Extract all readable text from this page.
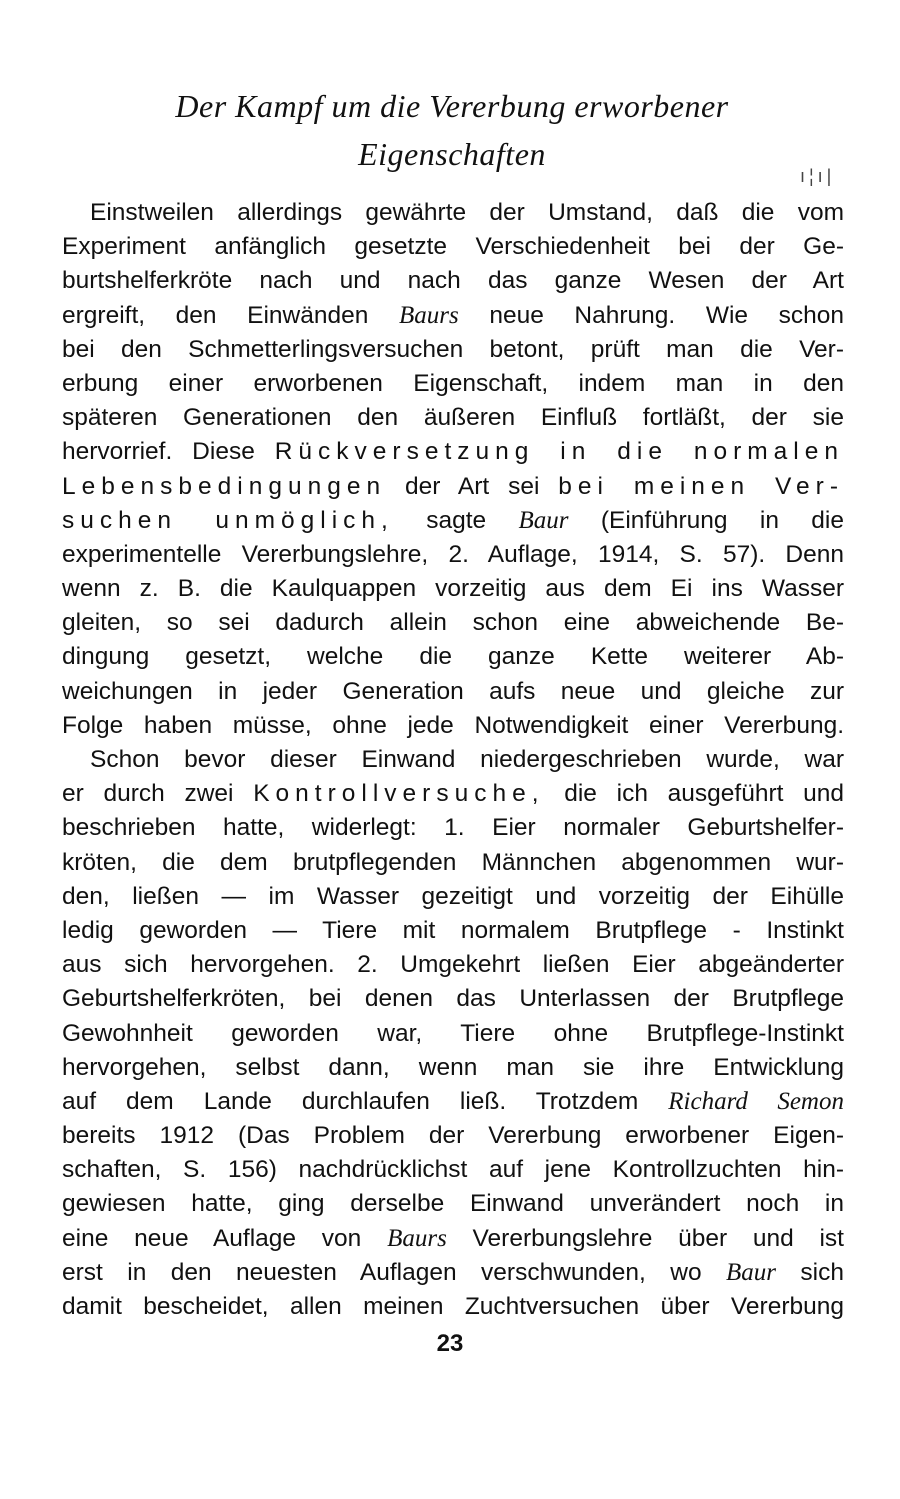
Der Kampf um die Vererbung erworbener
Eigenschaften
ı¦ı|
Einstweilen allerdings gewährte der Umstand, daß die vom
Experiment anfänglich gesetzte Verschiedenheit bei der Ge-
burtshelferkröte nach und nach das ganze Wesen der Art
ergreift, den Einwänden Baurs neue Nahrung. Wie schon
bei den Schmetterlingsversuchen betont, prüft man die Ver-
erbung einer erworbenen Eigenschaft, indem man in den
späteren Generationen den äußeren Einfluß fortläßt, der sie
hervorrief. Diese Rückversetzung in die normalen
Lebensbedingungen der Art sei bei meinen Ver-
suchen unmöglich, sagte Baur (Einführung in die
experimentelle Vererbungslehre, 2. Auflage, 1914, S. 57). Denn
wenn z. B. die Kaulquappen vorzeitig aus dem Ei ins Wasser
gleiten, so sei dadurch allein schon eine abweichende Be-
dingung gesetzt, welche die ganze Kette weiterer Ab-
weichungen in jeder Generation aufs neue und gleiche zur
Folge haben müsse, ohne jede Notwendigkeit einer Vererbung.
Schon bevor dieser Einwand niedergeschrieben wurde, war
er durch zwei Kontrollversuche, die ich ausgeführt und
beschrieben hatte, widerlegt: 1. Eier normaler Geburtshelfer-
kröten, die dem brutpflegenden Männchen abgenommen wur-
den, ließen — im Wasser gezeitigt und vorzeitig der Eihülle
ledig geworden — Tiere mit normalem Brutpflege - Instinkt
aus sich hervorgehen. 2. Umgekehrt ließen Eier abgeänderter
Geburtshelferkröten, bei denen das Unterlassen der Brutpflege
Gewohnheit geworden war, Tiere ohne Brutpflege-Instinkt
hervorgehen, selbst dann, wenn man sie ihre Entwicklung
auf dem Lande durchlaufen ließ. Trotzdem Richard Semon
bereits 1912 (Das Problem der Vererbung erworbener Eigen-
schaften, S. 156) nachdrücklichst auf jene Kontrollzuchten hin-
gewiesen hatte, ging derselbe Einwand unverändert noch in
eine neue Auflage von Baurs Vererbungslehre über und ist
erst in den neuesten Auflagen verschwunden, wo Baur sich
damit bescheidet, allen meinen Zuchtversuchen über Vererbung
23
